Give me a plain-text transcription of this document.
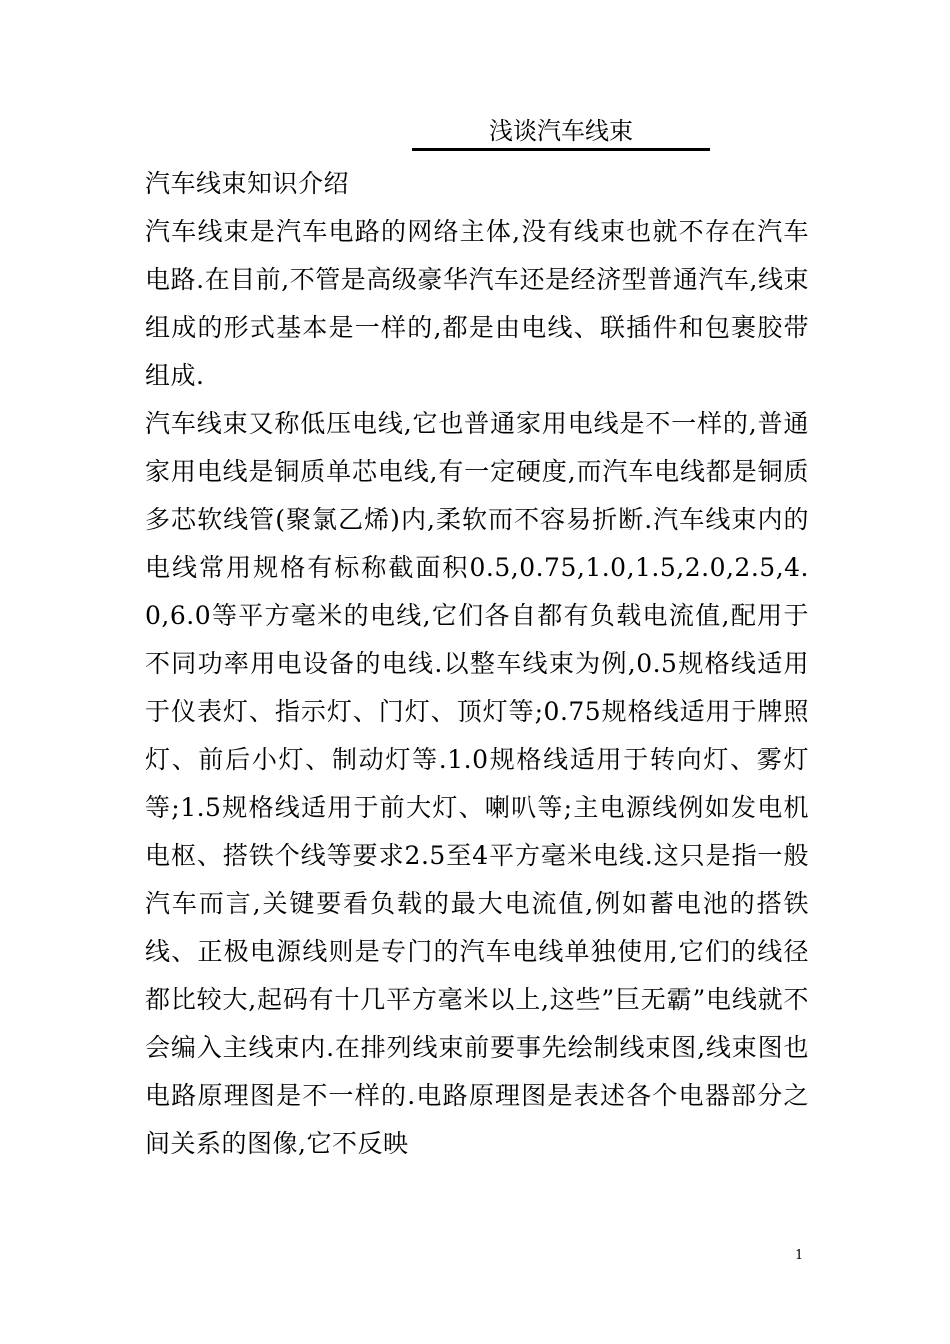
浅谈汽车线束

汽车线束知识介绍

汽车线束是汽车电路的网络主体,没有线束也就不存在汽车电路.在目前,不管是高级豪华汽车还是经济型普通汽车,线束组成的形式基本是一样的,都是由电线、联插件和包裹胶带组成.

汽车线束又称低压电线,它也普通家用电线是不一样的,普通家用电线是铜质单芯电线,有一定硬度,而汽车电线都是铜质多芯软线管(聚氯乙烯)内,柔软而不容易折断.汽车线束内的电线常用规格有标称截面积0.5,0.75,1.0,1.5,2.0,2.5,4.0,6.0等平方毫米的电线,它们各自都有负载电流值,配用于不同功率用电设备的电线.以整车线束为例,0.5规格线适用于仪表灯、指示灯、门灯、顶灯等;0.75规格线适用于牌照灯、前后小灯、制动灯等.1.0规格线适用于转向灯、雾灯等;1.5规格线适用于前大灯、喇叭等;主电源线例如发电机电枢、搭铁个线等要求2.5至4平方毫米电线.这只是指一般汽车而言,关键要看负载的最大电流值,例如蓄电池的搭铁线、正极电源线则是专门的汽车电线单独使用,它们的线径都比较大,起码有十几平方毫米以上,这些”巨无霸”电线就不会编入主线束内.在排列线束前要事先绘制线束图,线束图也电路原理图是不一样的.电路原理图是表述各个电器部分之间关系的图像,它不反映

1
